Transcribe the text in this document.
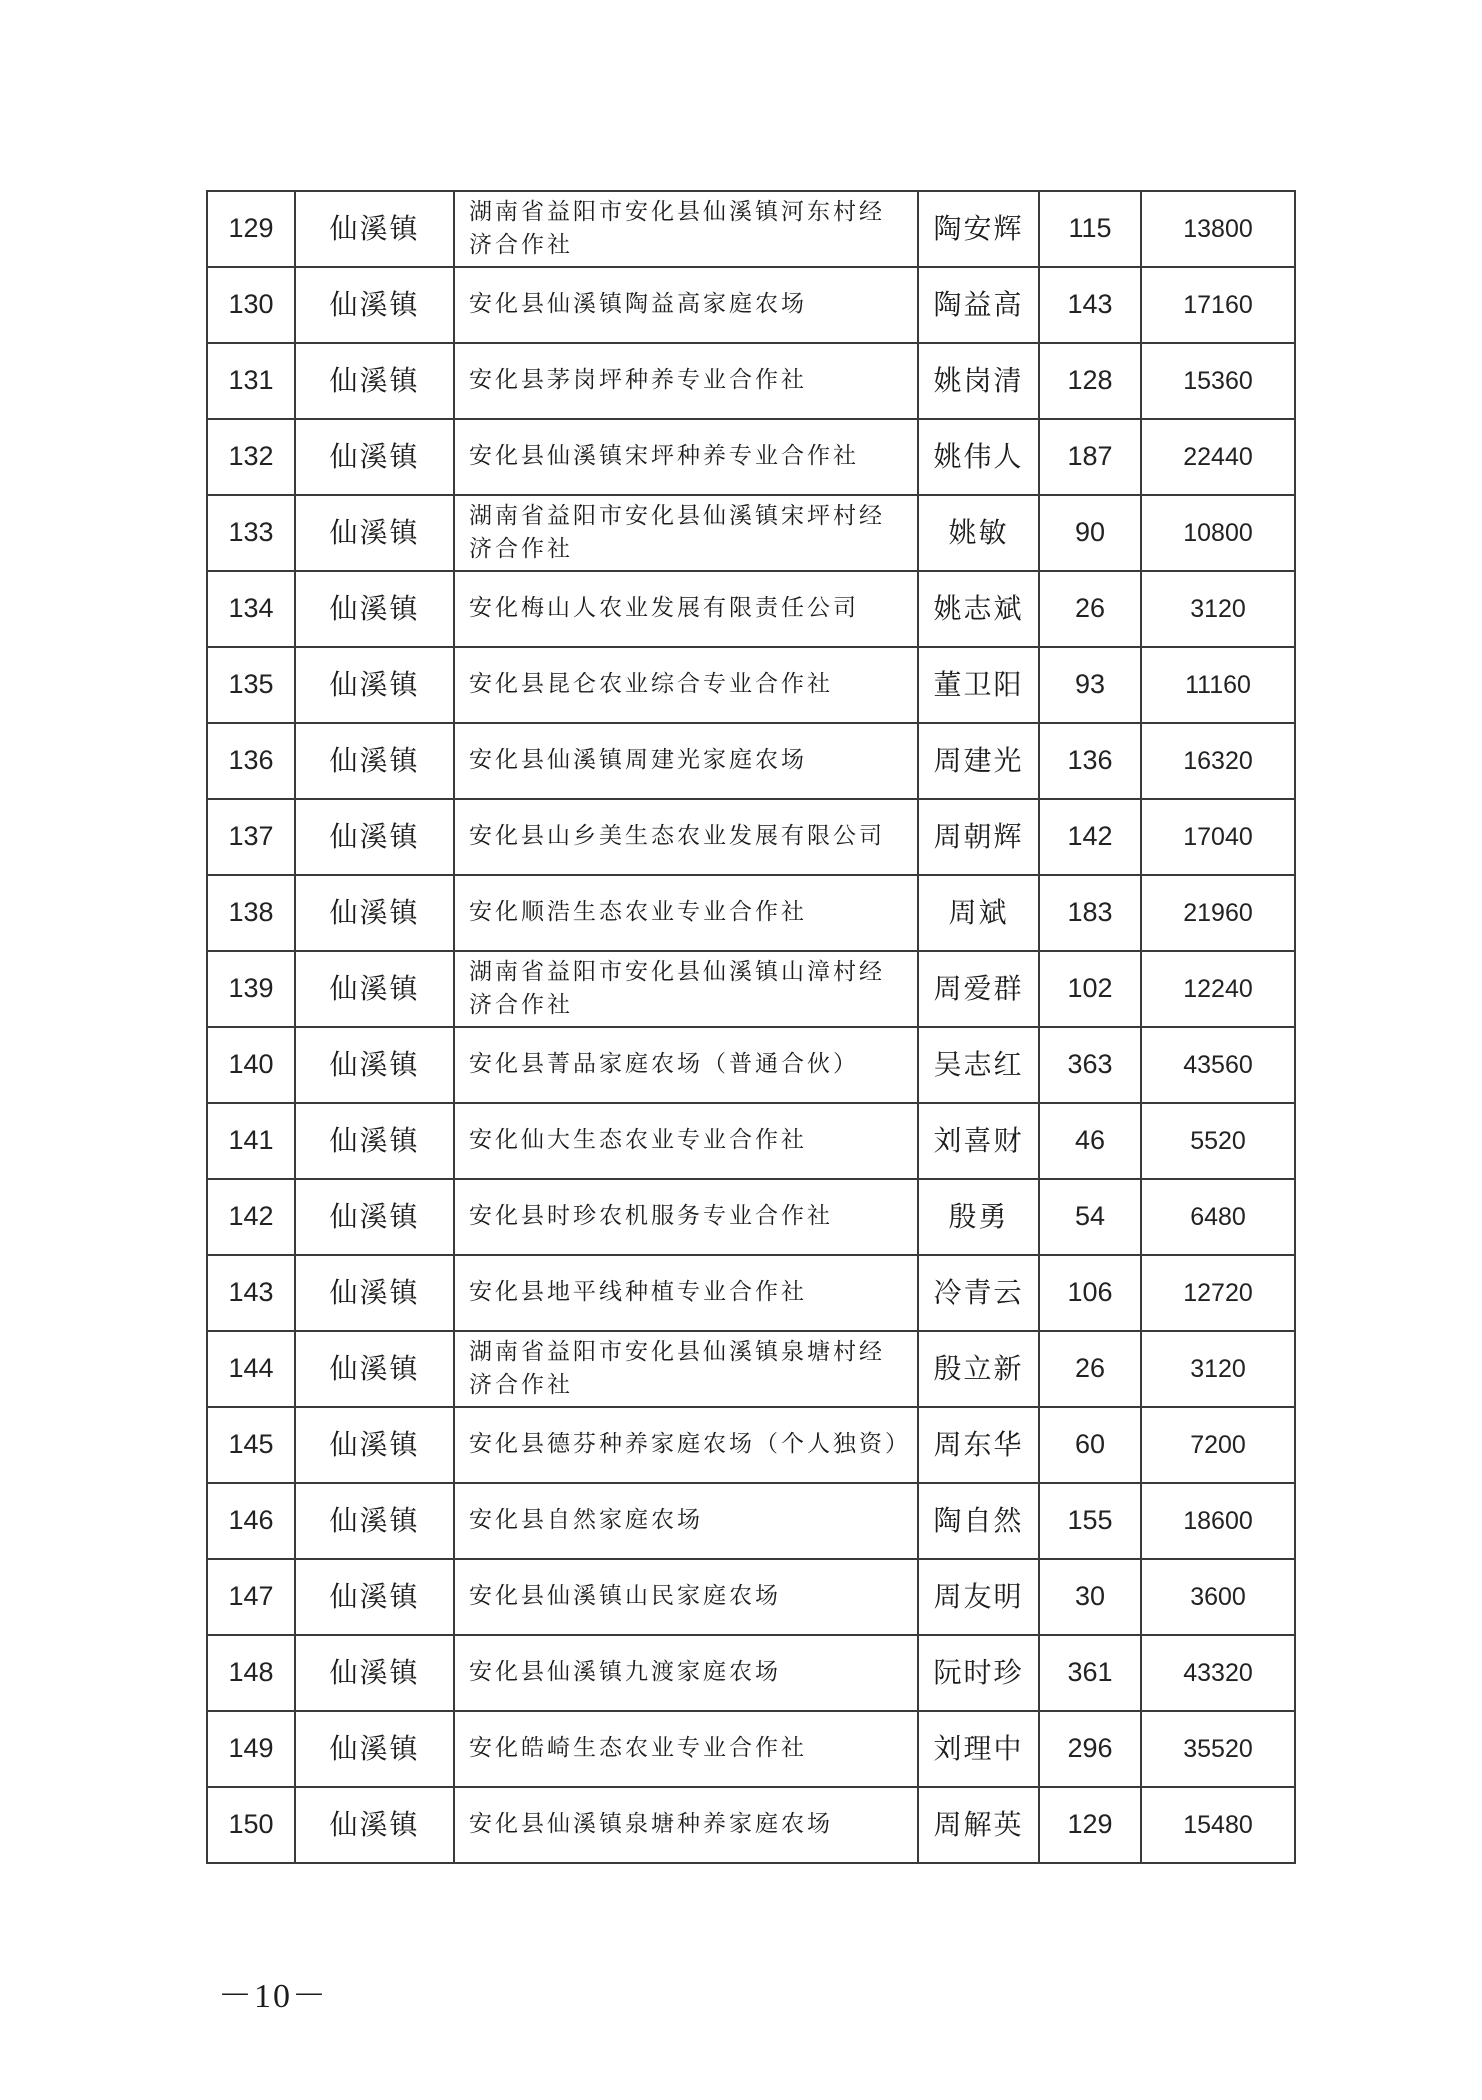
129	仙溪镇	湖南省益阳市安化县仙溪镇河东村经济合作社	陶安辉	115	13800
130	仙溪镇	安化县仙溪镇陶益高家庭农场	陶益高	143	17160
131	仙溪镇	安化县茅岗坪种养专业合作社	姚岗清	128	15360
132	仙溪镇	安化县仙溪镇宋坪种养专业合作社	姚伟人	187	22440
133	仙溪镇	湖南省益阳市安化县仙溪镇宋坪村经济合作社	姚敏	90	10800
134	仙溪镇	安化梅山人农业发展有限责任公司	姚志斌	26	3120
135	仙溪镇	安化县昆仑农业综合专业合作社	董卫阳	93	11160
136	仙溪镇	安化县仙溪镇周建光家庭农场	周建光	136	16320
137	仙溪镇	安化县山乡美生态农业发展有限公司	周朝辉	142	17040
138	仙溪镇	安化顺浩生态农业专业合作社	周斌	183	21960
139	仙溪镇	湖南省益阳市安化县仙溪镇山漳村经济合作社	周爱群	102	12240
140	仙溪镇	安化县菁品家庭农场（普通合伙）	吴志红	363	43560
141	仙溪镇	安化仙大生态农业专业合作社	刘喜财	46	5520
142	仙溪镇	安化县时珍农机服务专业合作社	殷勇	54	6480
143	仙溪镇	安化县地平线种植专业合作社	冷青云	106	12720
144	仙溪镇	湖南省益阳市安化县仙溪镇泉塘村经济合作社	殷立新	26	3120
145	仙溪镇	安化县德芬种养家庭农场（个人独资）	周东华	60	7200
146	仙溪镇	安化县自然家庭农场	陶自然	155	18600
147	仙溪镇	安化县仙溪镇山民家庭农场	周友明	30	3600
148	仙溪镇	安化县仙溪镇九渡家庭农场	阮时珍	361	43320
149	仙溪镇	安化皓崎生态农业专业合作社	刘理中	296	35520
150	仙溪镇	安化县仙溪镇泉塘种养家庭农场	周解英	129	15480
－10－
